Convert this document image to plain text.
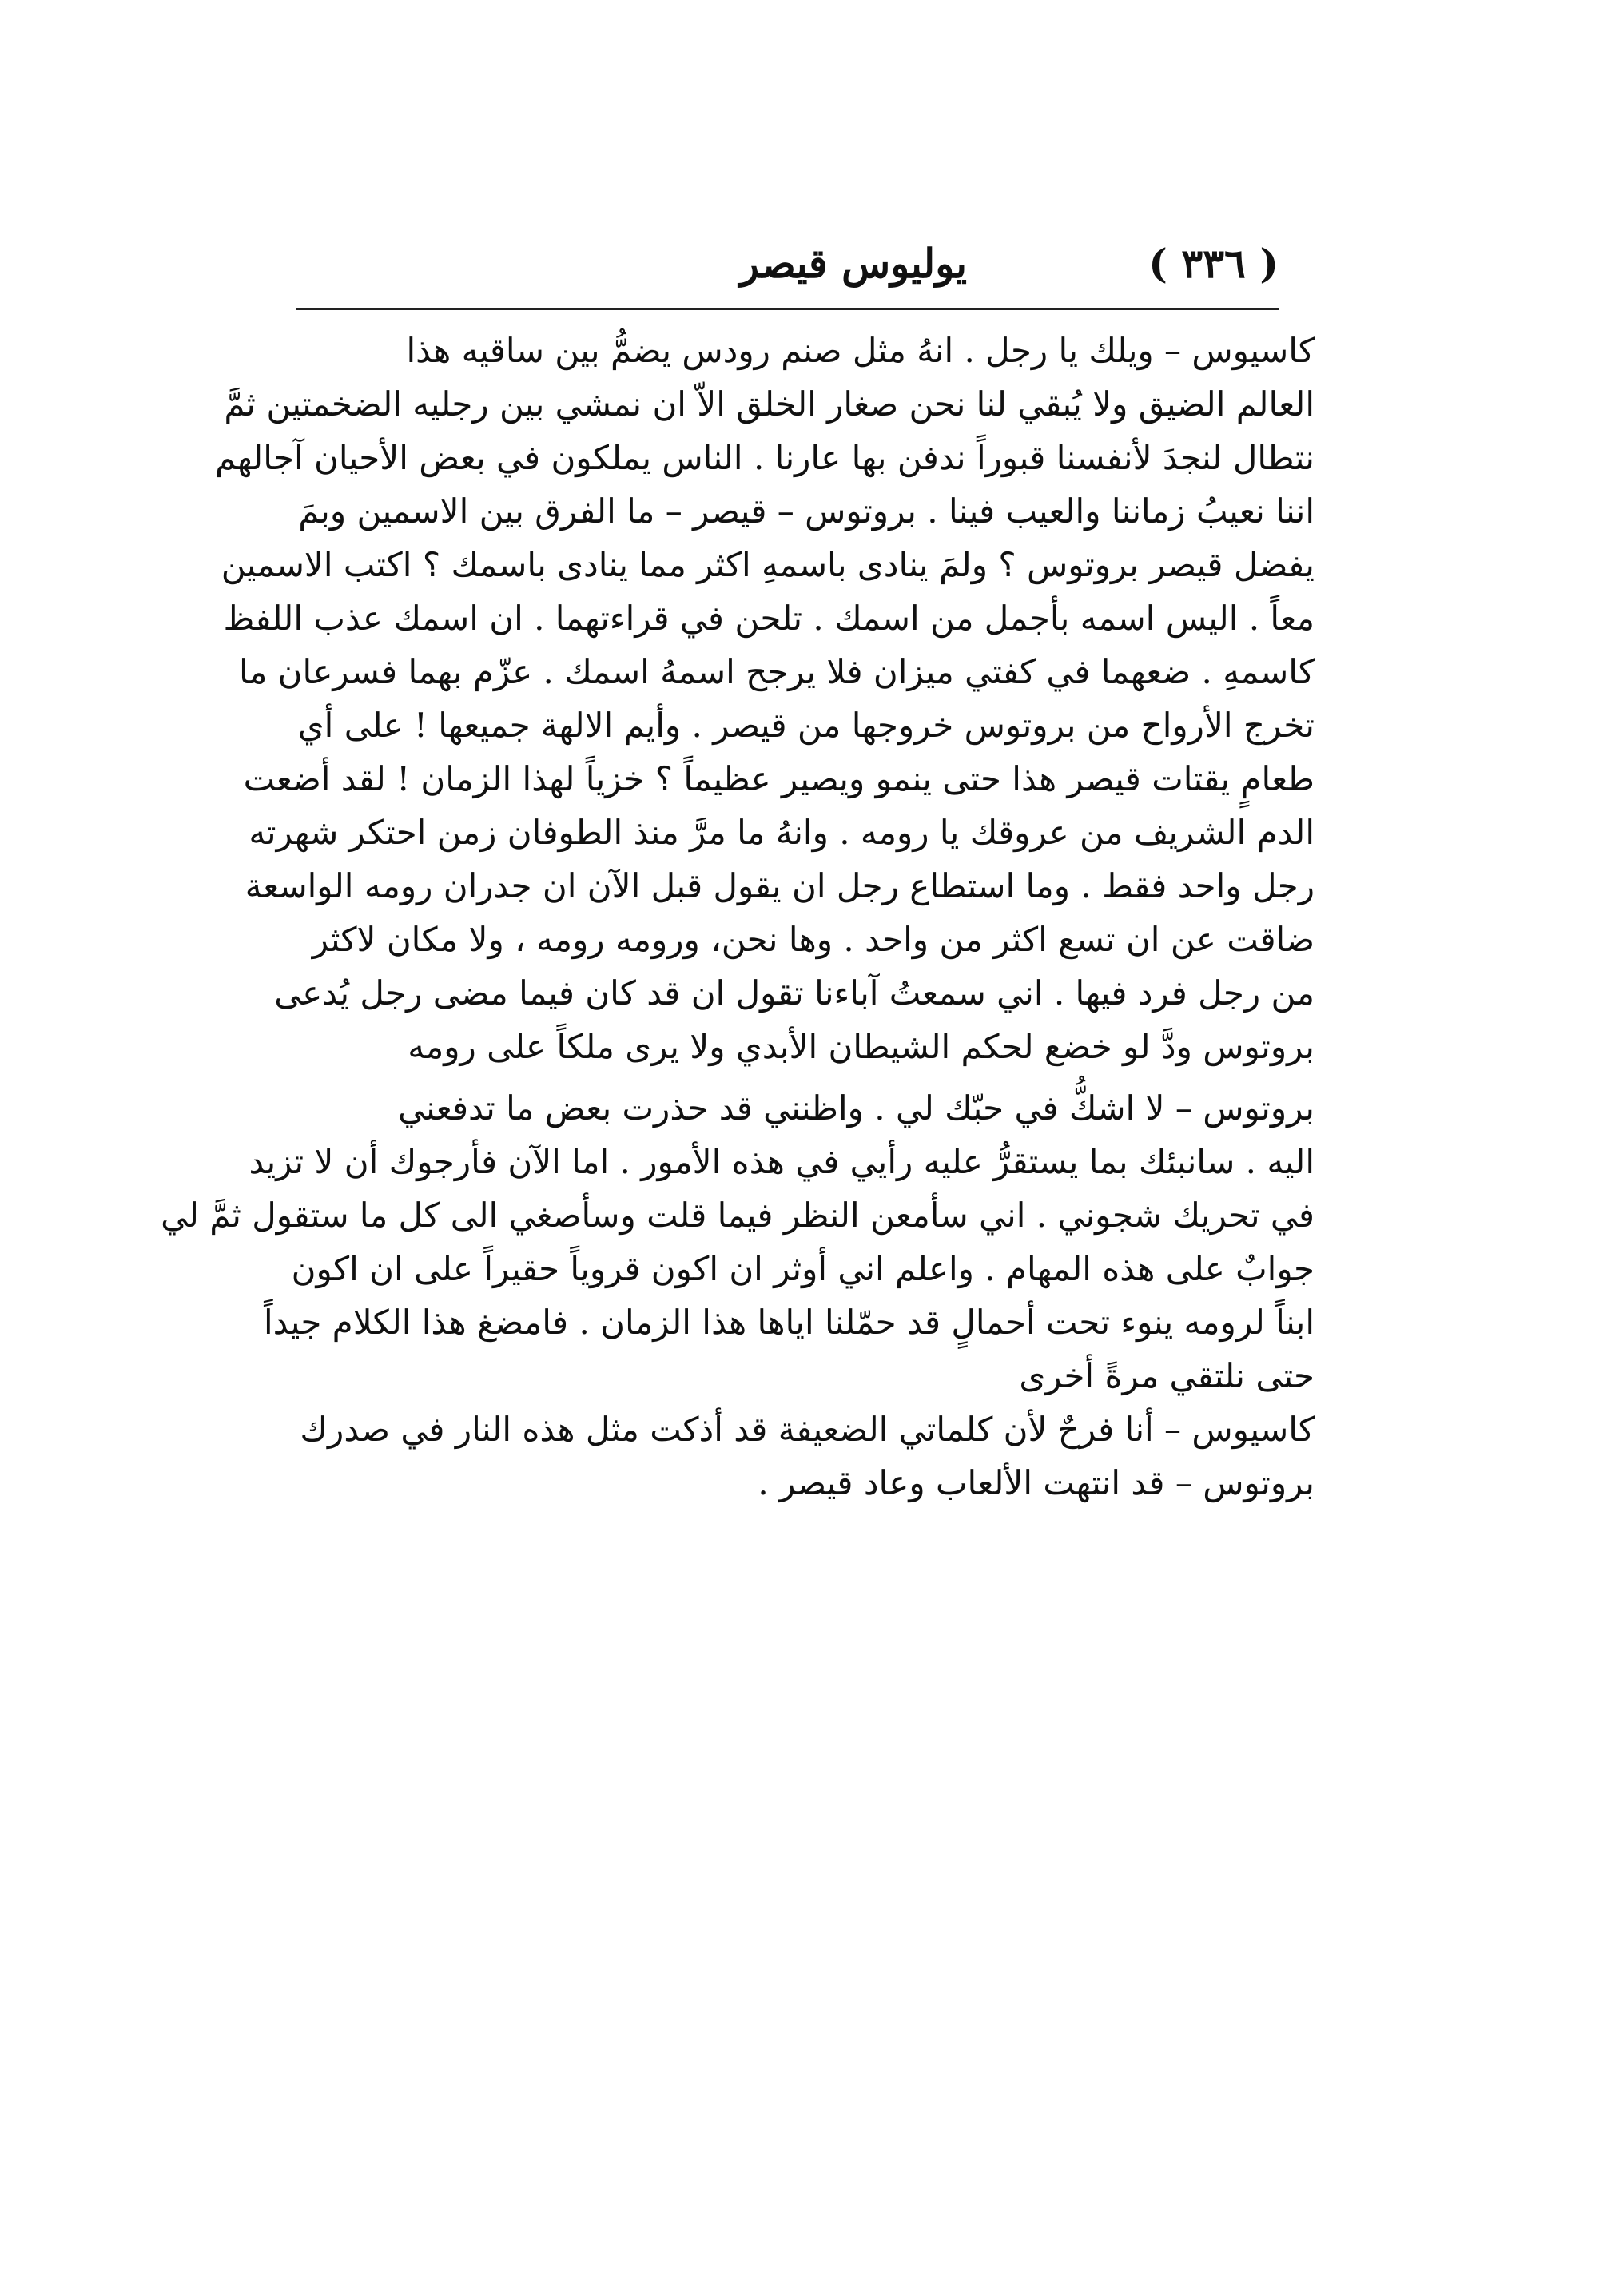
( ٣٣٦ )
يوليوس قيصر
كاسيوس – ويلك يا رجل . انهُ مثل صنم رودس يضمُّ بين ساقيه هذا
العالم الضيق ولا يُبقي لنا نحن صغار الخلق الاّ ان نمشي بين رجليه الضخمتين ثمَّ
نتطال لنجدَ لأنفسنا قبوراً ندفن بها عارنا . الناس يملكون في بعض الأحيان آجالهم
اننا نعيبُ زماننا والعيب فينا . بروتوس – قيصر – ما الفرق بين الاسمين وبمَ
يفضل قيصر بروتوس ؟ ولمَ ينادى باسمهِ اكثر مما ينادى باسمك ؟ اكتب الاسمين
معاً . اليس اسمه بأجمل من اسمك . تلحن في قراءتهما . ان اسمك عذب اللفظ
كاسمهِ . ضعهما في كفتي ميزان فلا يرجح اسمهُ اسمك . عزّم بهما فسرعان ما
تخرج الأرواح من بروتوس خروجها من قيصر . وأيم الالهة جميعها ! على أي
طعامٍ يقتات قيصر هذا حتى ينمو ويصير عظيماً ؟ خزياً لهذا الزمان ! لقد أضعت
الدم الشريف من عروقك يا رومه . وانهُ ما مرَّ منذ الطوفان زمن احتكر شهرته
رجل واحد فقط . وما استطاع رجل ان يقول قبل الآن ان جدران رومه الواسعة
ضاقت عن ان تسع اكثر من واحد . وها نحن، ورومه رومه ، ولا مكان لاكثر
من رجل فرد فيها . اني سمعتُ آباءنا تقول ان قد كان فيما مضى رجل يُدعى
بروتوس ودَّ لو خضع لحكم الشيطان الأبدي ولا يرى ملكاً على رومه
بروتوس – لا اشكُّ في حبّك لي . واظنني قد حذرت بعض ما تدفعني
اليه . سانبئك بما يستقرُّ عليه رأيي في هذه الأمور . اما الآن فأرجوك أن لا تزيد
في تحريك شجوني . اني سأمعن النظر فيما قلت وسأصغي الى كل ما ستقول ثمَّ لي
جوابٌ على هذه المهام . واعلم اني أوثر ان اكون قروياً حقيراً على ان اكون
ابناً لرومه ينوء تحت أحمالٍ قد حمّلنا اياها هذا الزمان . فامضغ هذا الكلام جيداً
حتى نلتقي مرةً أخرى
كاسيوس – أنا فرحٌ لأن كلماتي الضعيفة قد أذكت مثل هذه النار في صدرك
بروتوس – قد انتهت الألعاب وعاد قيصر .
